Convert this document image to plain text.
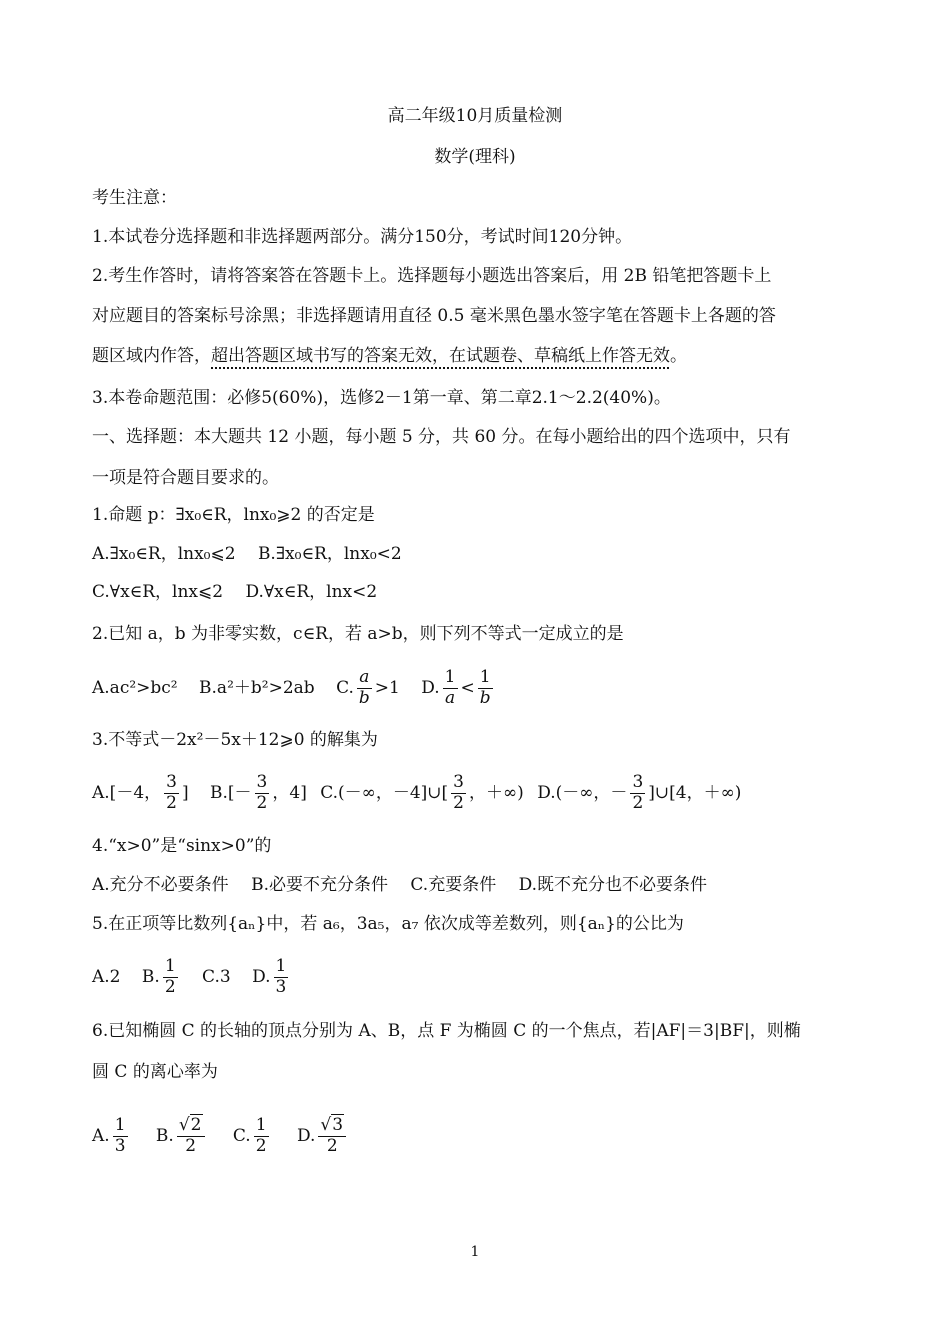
高二年级10月质量检测
数学(理科)
考生注意：
1.本试卷分选择题和非选择题两部分。满分150分，考试时间120分钟。
2.考生作答时，请将答案答在答题卡上。选择题每小题选出答案后，用 2B 铅笔把答题卡上
对应题目的答案标号涂黑；非选择题请用直径 0.5 毫米黑色墨水签字笔在答题卡上各题的答
题区域内作答，超出答题区域书写的答案无效，在试题卷、草稿纸上作答无效。
3.本卷命题范围：必修5(60%)，选修2－1第一章、第二章2.1～2.2(40%)。
一、选择题：本大题共 12 小题，每小题 5 分，共 60 分。在每小题给出的四个选项中，只有
一项是符合题目要求的。
1.命题 p：∃x₀∈R，lnx₀⩾2 的否定是
A.∃x₀∈R，lnx₀⩽2　 B.∃x₀∈R，lnx₀<2
C.∀x∈R，lnx⩽2　 D.∀x∈R，lnx<2
2.已知 a，b 为非零实数，c∈R，若 a>b，则下列不等式一定成立的是
A.ac²>bc² B.a²＋b²>2ab C. $\frac{a}{b} >1$ D. $\frac{1}{a} < \frac{1}{b}$
3.不等式－2x²－5x＋12⩾0 的解集为
A.[－4， $\frac{3}{2}$ ] $B.[- \frac{3}{2}$ ，4] C.(－∞，－4]∪[ $\frac{3}{2}$ ，＋∞) D.(－∞，－ $\frac{3}{2}$ ]∪[4，＋∞)
4.“x>0”是“sinx>0”的
A.充分不必要条件　 B.必要不充分条件　 C.充要条件　 D.既不充分也不必要条件
5.在正项等比数列{aₙ}中，若 a₆，3a₅，a₇ 依次成等差数列，则{aₙ}的公比为
A.2 B. $\frac{1}{2} C.3$ D. $\frac{1}{3}$
6.已知椭圆 C 的长轴的顶点分别为 A、B，点 F 为椭圆 C 的一个焦点，若|AF|＝3|BF|，则椭
圆 C 的离心率为
A. $\frac{1}{3} B$. $\frac{√2}{2} C$. $\frac{1}{2} D$. $\frac{√3}{2}$
1
